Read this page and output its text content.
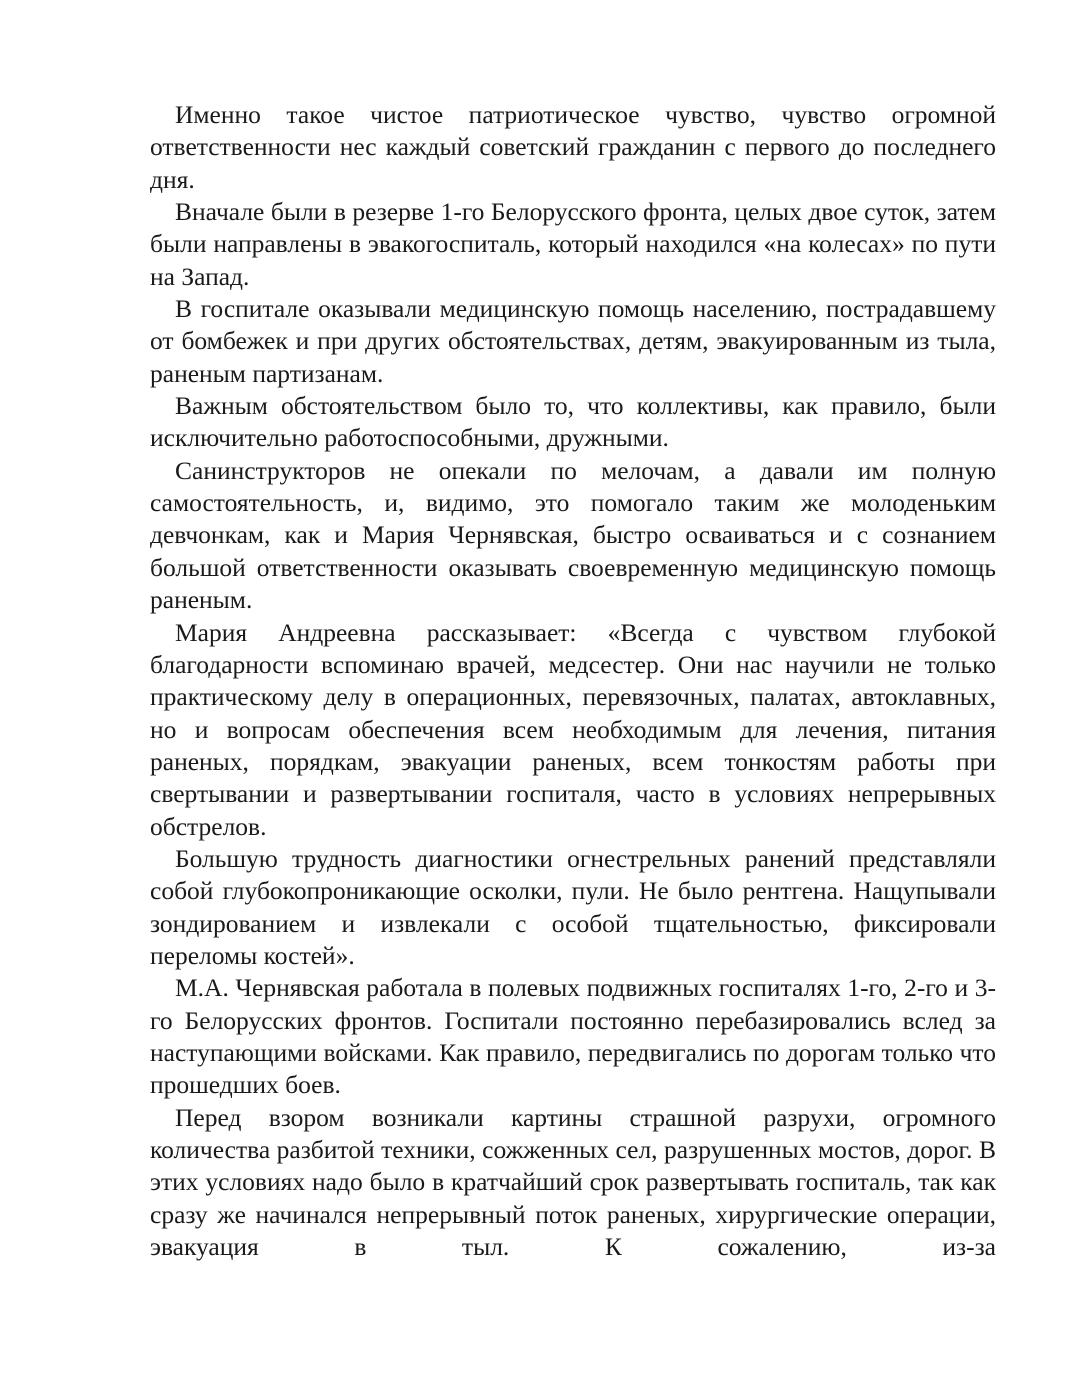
Именно такое чистое патриотическое чувство, чувство огромной ответственности нес каждый советский гражданин с первого до последнего дня.

Вначале были в резерве 1-го Белорусского фронта, целых двое суток, затем были направлены в эвакогоспиталь, который находился «на колесах» по пути на Запад.

В госпитале оказывали медицинскую помощь населению, пострадавшему от бомбежек и при других обстоятельствах, детям, эвакуированным из тыла, раненым партизанам.

Важным обстоятельством было то, что коллективы, как правило, были исключительно работоспособными, дружными.

Санинструкторов не опекали по мелочам, а давали им полную самостоятельность, и, видимо, это помогало таким же молоденьким девчонкам, как и Мария Чернявская, быстро осваиваться и с сознанием большой ответственности оказывать своевременную медицинскую помощь раненым.

Мария Андреевна рассказывает: «Всегда с чувством глубокой благодарности вспоминаю врачей, медсестер. Они нас научили не только практическому делу в операционных, перевязочных, палатах, автоклавных, но и вопросам обеспечения всем необходимым для лечения, питания раненых, порядкам, эвакуации раненых, всем тонкостям работы при свертывании и развертывании госпиталя, часто в условиях непрерывных обстрелов.

Большую трудность диагностики огнестрельных ранений представляли собой глубокопроникающие осколки, пули. Не было рентгена. Нащупывали зондированием и извлекали с особой тщательностью, фиксировали переломы костей».

М.А. Чернявская работала в полевых подвижных госпиталях 1-го, 2-го и 3-го Белорусских фронтов. Госпитали постоянно перебазировались вслед за наступающими войсками. Как правило, передвигались по дорогам только что прошедших боев.

Перед взором возникали картины страшной разрухи, огромного количества разбитой техники, сожженных сел, разрушенных мостов, дорог. В этих условиях надо было в кратчайший срок развертывать госпиталь, так как сразу же начинался непрерывный поток раненых, хирургические операции, эвакуация в тыл. К сожалению, из-за
